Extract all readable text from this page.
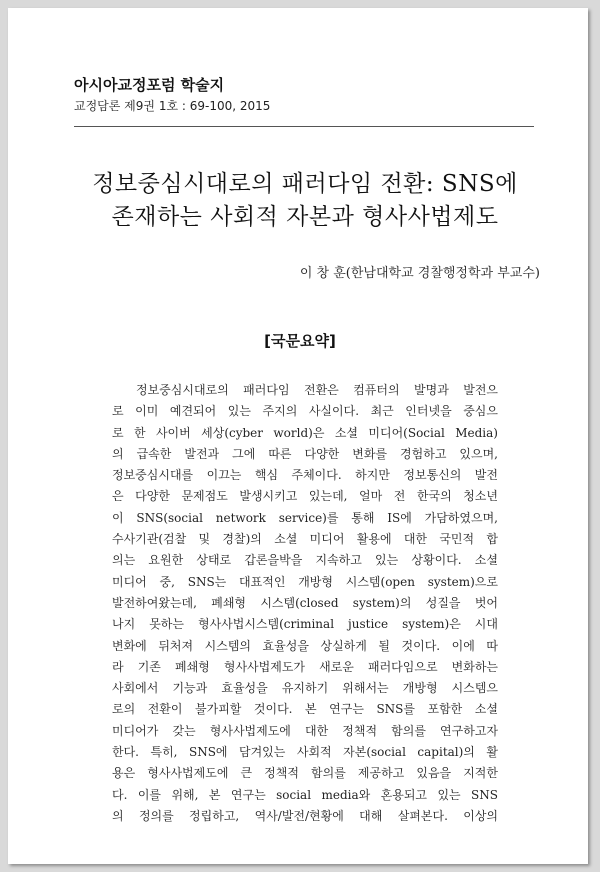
아시아교정포럼 학술지
교정담론 제9권 1호 : 69-100, 2015
정보중심시대로의 패러다임 전환: SNS에
존재하는 사회적 자본과 형사사법제도
이 창 훈(한남대학교 경찰행정학과 부교수)
[국문요약]
정보중심시대로의 패러다임 전환은 컴퓨터의 발명과 발전으
로 이미 예견되어 있는 주지의 사실이다. 최근 인터넷을 중심으
로 한 사이버 세상(cyber world)은 소셜 미디어(Social Media)
의 급속한 발전과 그에 따른 다양한 변화를 경험하고 있으며,
정보중심시대를 이끄는 핵심 주체이다. 하지만 정보통신의 발전
은 다양한 문제점도 발생시키고 있는데, 얼마 전 한국의 청소년
이 SNS(social network service)를 통해 IS에 가담하였으며,
수사기관(검찰 및 경찰)의 소셜 미디어 활용에 대한 국민적 합
의는 요원한 상태로 갑론을박을 지속하고 있는 상황이다. 소셜
미디어 중, SNS는 대표적인 개방형 시스템(open system)으로
발전하여왔는데, 폐쇄형 시스템(closed system)의 성질을 벗어
나지 못하는 형사사법시스템(criminal justice system)은 시대
변화에 뒤처져 시스템의 효율성을 상실하게 될 것이다. 이에 따
라 기존 폐쇄형 형사사법제도가 새로운 패러다임으로 변화하는
사회에서 기능과 효율성을 유지하기 위해서는 개방형 시스템으
로의 전환이 불가피할 것이다. 본 연구는 SNS를 포함한 소셜
미디어가 갖는 형사사법제도에 대한 정책적 함의를 연구하고자
한다. 특히, SNS에 담겨있는 사회적 자본(social capital)의 활
용은 형사사법제도에 큰 정책적 함의를 제공하고 있음을 지적한
다. 이를 위해, 본 연구는 social media와 혼용되고 있는 SNS
의 정의를 정립하고, 역사/발전/현황에 대해 살펴본다. 이상의
